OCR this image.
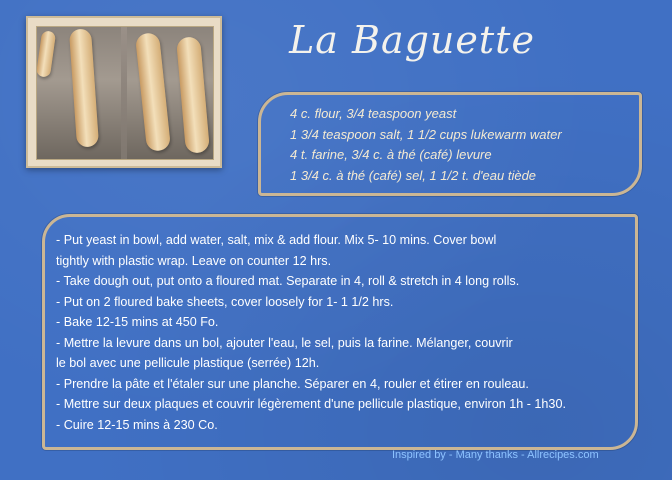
La Baguette
4 c. flour, 3/4 teaspoon yeast
1 3/4 teaspoon salt, 1 1/2 cups lukewarm water
4 t. farine, 3/4 c. à thé (café) levure
1 3/4 c. à thé (café) sel, 1 1/2 t. d'eau tiède
- Put yeast in bowl, add water, salt, mix & add flour. Mix 5- 10 mins. Cover bowl
tightly with plastic wrap. Leave on counter 12 hrs.
- Take dough out, put onto a floured mat. Separate in 4, roll & stretch in 4 long rolls.
- Put on 2 floured bake sheets, cover loosely for 1- 1 1/2 hrs.
- Bake 12-15 mins at 450 Fo.
- Mettre la levure dans un bol, ajouter l'eau, le sel, puis la farine. Mélanger, couvrir
le bol avec une pellicule plastique (serrée) 12h.
- Prendre la pâte et l'étaler sur une planche. Séparer en 4, rouler et étirer en rouleau.
- Mettre sur deux plaques et couvrir légèrement d'une pellicule plastique, environ 1h - 1h30.
- Cuire 12-15 mins à 230 Co.
Inspired by - Many thanks - Allrecipes.com
